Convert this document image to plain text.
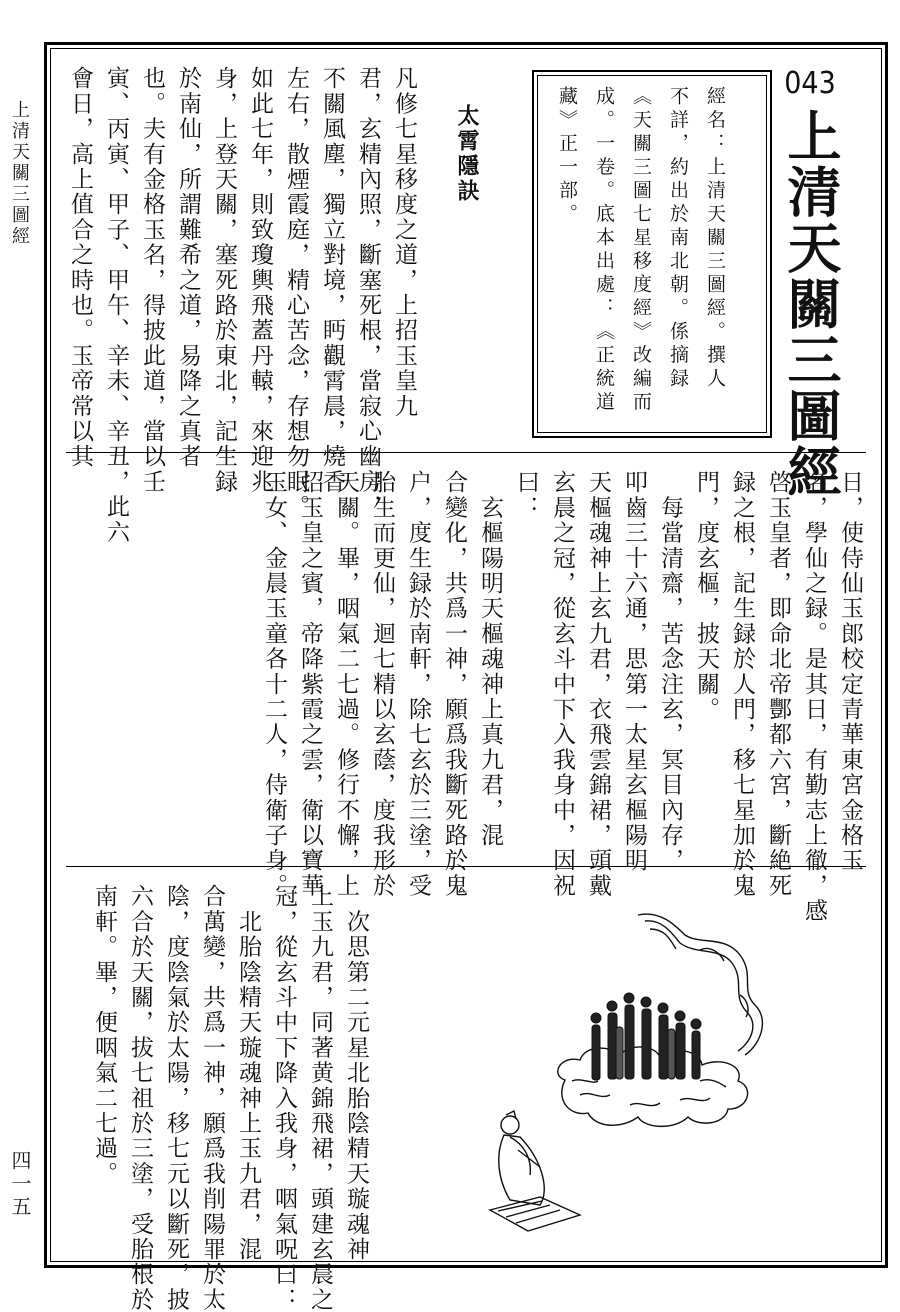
上清天關三圖經
四一五
043
上清天關三圖經

經名：上清天關三圖經。撰人

不詳，約出於南北朝。係摘録

《天關三圖七星移度經》改編而

成。一卷。底本出處：《正統道

藏》正一部。

太霄隱訣

凡修七星移度之道，上招玉皇九

君，玄精內照，斷塞死根，當寂心幽房，

不關風塵，獨立對境，眄觀霄晨，燒香

左右，散煙霞庭，精心苦念，存想勿眠。

如此七年，則致瓊輿飛蓋丹轅，來迎兆

身，上登天關，塞死路於東北，記生録

於南仙，所謂難希之道，易降之真者

也。夫有金格玉名，得披此道，當以壬

寅、丙寅、甲子、甲午、辛未、辛丑，此六

會日，高上值合之時也。玉帝常以其

日，使侍仙玉郎校定青華東宮金格玉

名，學仙之録。是其日，有勤志上徹，感

啓玉皇者，即命北帝酆都六宮，斷絶死

録之根，記生録於人門，移七星加於鬼

門，度玄樞，披天關。

　每當清齋，苦念注玄，冥目內存，

叩齒三十六通，思第一太星玄樞陽明

天樞魂神上玄九君，衣飛雲錦裙，頭戴

玄晨之冠，從玄斗中下入我身中，因祝

曰：

　玄樞陽明天樞魂神上真九君，混

合變化，共爲一神，願爲我斷死路於鬼

户，度生録於南軒，除七玄於三塗，受

胎生而更仙，迴七精以玄蔭，度我形於

天關。畢，咽氣二七過。修行不懈，上

招玉皇之賓，帝降紫霞之雲，衛以寶華

玉女、金晨玉童各十二人，侍衛子身。

　次思第二元星北胎陰精天璇魂神

上玉九君，同著黄錦飛裙，頭建玄晨之

冠，從玄斗中下降入我身，咽氣呪曰：

　北胎陰精天璇魂神上玉九君，混

合萬變，共爲一神，願爲我削陽罪於太

陰，度陰氣於太陽，移七元以斷死，披

六合於天關，拔七祖於三塗，受胎根於

南軒。畢，便咽氣二七過。
